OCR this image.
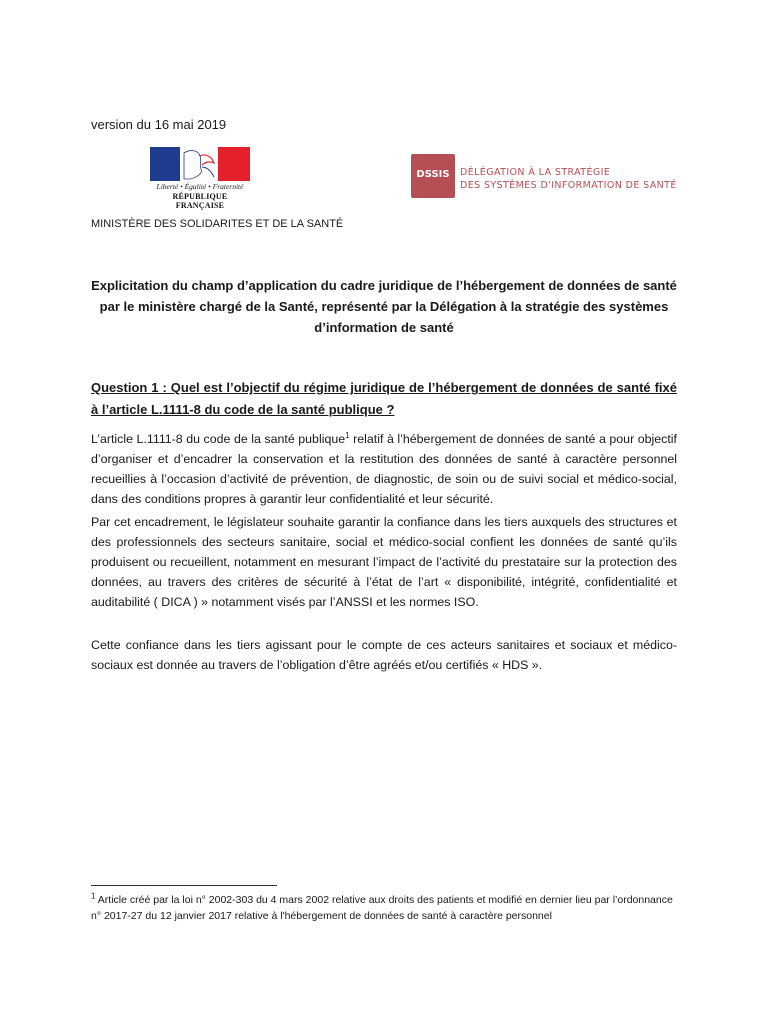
version du 16 mai 2019
Liberté • Égalité • Fraternité
RÉPUBLIQUE FRANÇAISE
DSSIS	DÉLÉGATION À LA STRATÉGIE
DES SYSTÈMES D'INFORMATION DE SANTÉ
MINISTÈRE DES SOLIDARITES ET DE LA SANTÉ
Explicitation du champ d’application du cadre juridique de l’hébergement de données de santé par le ministère chargé de la Santé, représenté par la Délégation à la stratégie des systèmes d’information de santé
Question 1 : Quel est l’objectif du régime juridique de l’hébergement de données de santé fixé à l’article L.1111-8 du code de la santé publique ?
L’article L.1111-8 du code de la santé publique$^1$ relatif à l’hébergement de données de santé a pour objectif d’organiser et d’encadrer la conservation et la restitution des données de santé à caractère personnel recueillies à l’occasion d’activité de prévention, de diagnostic, de soin ou de suivi social et médico-social, dans des conditions propres à garantir leur confidentialité et leur sécurité.
Par cet encadrement, le législateur souhaite garantir la confiance dans les tiers auxquels des structures et des professionnels des secteurs sanitaire, social et médico-social confient les données de santé qu’ils produisent ou recueillent, notamment en mesurant l’impact de l’activité du prestataire sur la protection des données, au travers des critères de sécurité à l’état de l’art « disponibilité, intégrité, confidentialité et auditabilité ( DICA ) » notamment visés par l’ANSSI et les normes ISO.
Cette confiance dans les tiers agissant pour le compte de ces acteurs sanitaires et sociaux et médico-sociaux est donnée au travers de l’obligation d’être agréés et/ou certifiés « HDS ».
$^1$ Article créé par la loi n° 2002-303 du 4 mars 2002 relative aux droits des patients et modifié en dernier lieu par l’ordonnance n° 2017-27 du 12 janvier 2017 relative à l'hébergement de données de santé à caractère personnel
